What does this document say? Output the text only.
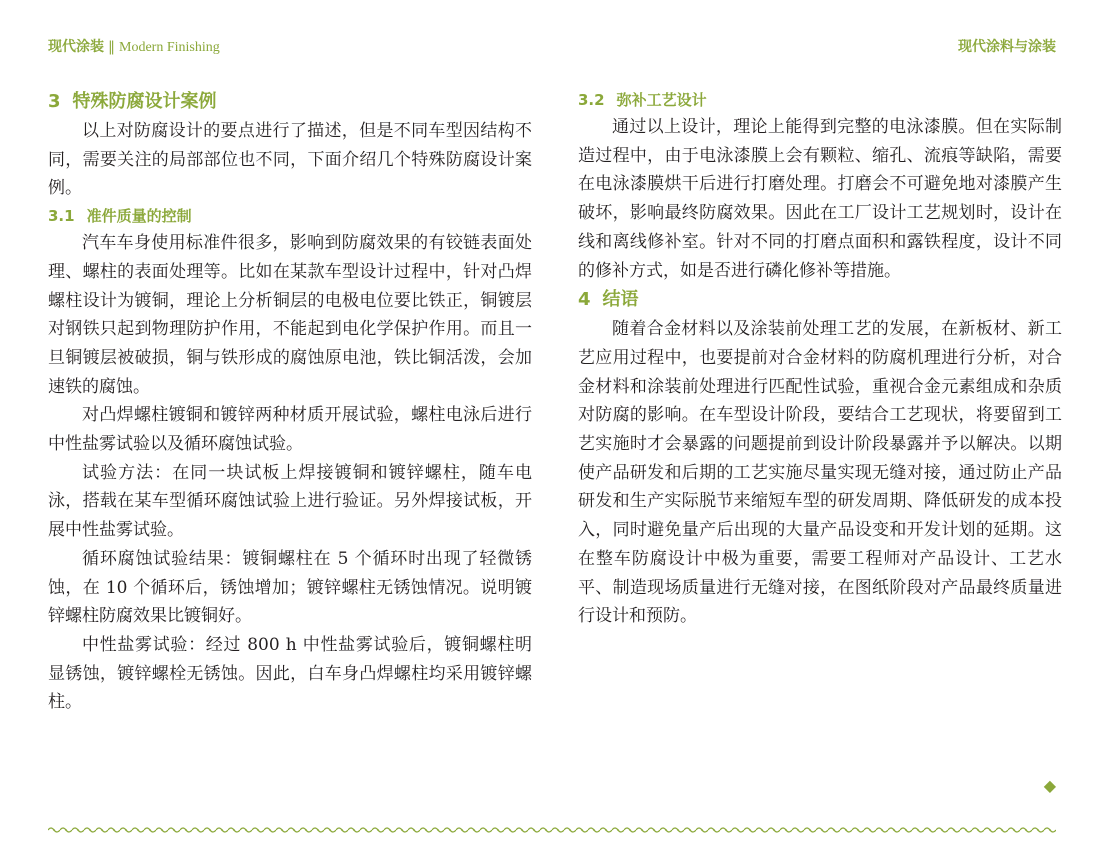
现代涂装 ‖ Modern Finishing	现代涂料与涂装
3 特殊防腐设计案例

以上对防腐设计的要点进行了描述，但是不同车型因结构不同，需要关注的局部部位也不同，下面介绍几个特殊防腐设计案例。

3.1 准件质量的控制

汽车车身使用标准件很多，影响到防腐效果的有铰链表面处理、螺柱的表面处理等。比如在某款车型设计过程中，针对凸焊螺柱设计为镀铜，理论上分析铜层的电极电位要比铁正，铜镀层对钢铁只起到物理防护作用，不能起到电化学保护作用。而且一旦铜镀层被破损，铜与铁形成的腐蚀原电池，铁比铜活泼，会加速铁的腐蚀。

对凸焊螺柱镀铜和镀锌两种材质开展试验，螺柱电泳后进行中性盐雾试验以及循环腐蚀试验。

试验方法：在同一块试板上焊接镀铜和镀锌螺柱，随车电泳，搭载在某车型循环腐蚀试验上进行验证。另外焊接试板，开展中性盐雾试验。

循环腐蚀试验结果：镀铜螺柱在 5 个循环时出现了轻微锈蚀，在 10 个循环后，锈蚀增加；镀锌螺柱无锈蚀情况。说明镀锌螺柱防腐效果比镀铜好。

中性盐雾试验：经过 800 h 中性盐雾试验后，镀铜螺柱明显锈蚀，镀锌螺栓无锈蚀。因此，白车身凸焊螺柱均采用镀锌螺柱。

3.2 弥补工艺设计

通过以上设计，理论上能得到完整的电泳漆膜。但在实际制造过程中，由于电泳漆膜上会有颗粒、缩孔、流痕等缺陷，需要在电泳漆膜烘干后进行打磨处理。打磨会不可避免地对漆膜产生破坏，影响最终防腐效果。因此在工厂设计工艺规划时，设计在线和离线修补室。针对不同的打磨点面积和露铁程度，设计不同的修补方式，如是否进行磷化修补等措施。

4 结语

随着合金材料以及涂装前处理工艺的发展，在新板材、新工艺应用过程中，也要提前对合金材料的防腐机理进行分析，对合金材料和涂装前处理进行匹配性试验，重视合金元素组成和杂质对防腐的影响。在车型设计阶段，要结合工艺现状，将要留到工艺实施时才会暴露的问题提前到设计阶段暴露并予以解决。以期使产品研发和后期的工艺实施尽量实现无缝对接，通过防止产品研发和生产实际脱节来缩短车型的研发周期、降低研发的成本投入，同时避免量产后出现的大量产品设变和开发计划的延期。这在整车防腐设计中极为重要，需要工程师对产品设计、工艺水平、制造现场质量进行无缝对接，在图纸阶段对产品最终质量进行设计和预防。

◆
